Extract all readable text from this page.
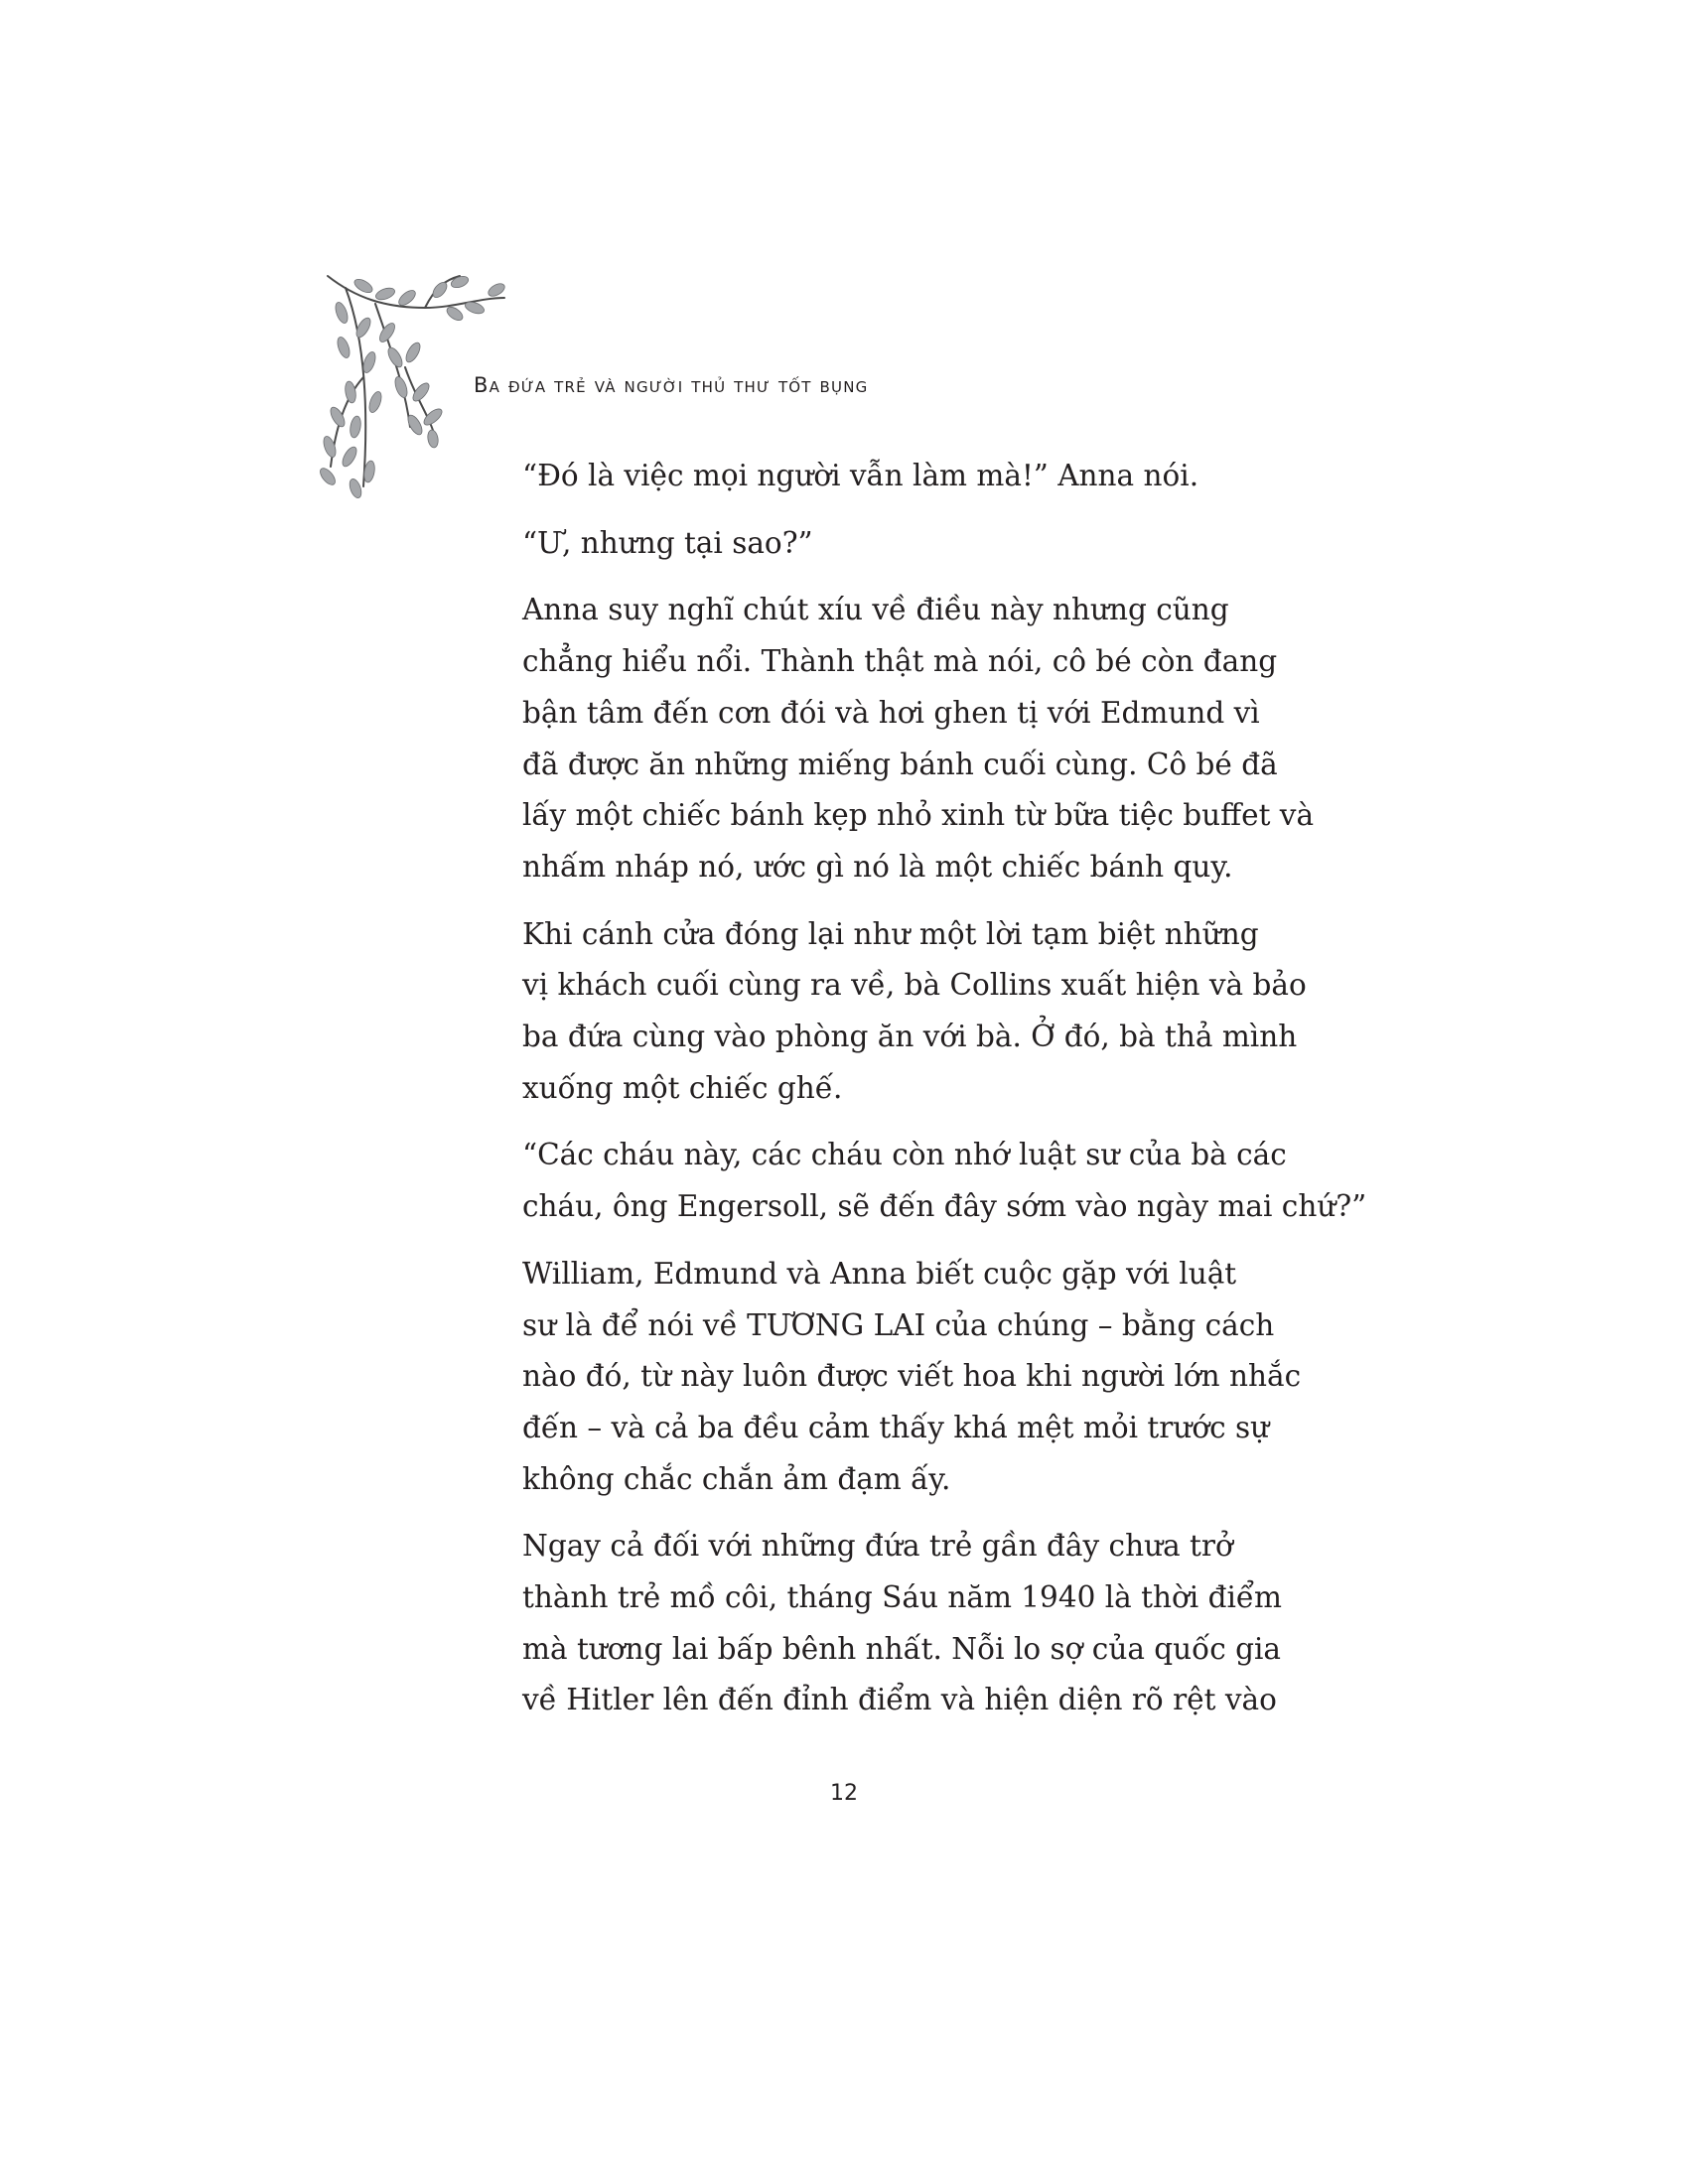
Ba đứa trẻ và người thủ thư tốt bụng

“Đó là việc mọi người vẫn làm mà!” Anna nói.

“Ư, nhưng tại sao?”

Anna suy nghĩ chút xíu về điều này nhưng cũng
chẳng hiểu nổi. Thành thật mà nói, cô bé còn đang
bận tâm đến cơn đói và hơi ghen tị với Edmund vì
đã được ăn những miếng bánh cuối cùng. Cô bé đã
lấy một chiếc bánh kẹp nhỏ xinh từ bữa tiệc buffet và
nhấm nháp nó, ước gì nó là một chiếc bánh quy.

Khi cánh cửa đóng lại như một lời tạm biệt những
vị khách cuối cùng ra về, bà Collins xuất hiện và bảo
ba đứa cùng vào phòng ăn với bà. Ở đó, bà thả mình
xuống một chiếc ghế.

“Các cháu này, các cháu còn nhớ luật sư của bà các
cháu, ông Engersoll, sẽ đến đây sớm vào ngày mai chứ?”

William, Edmund và Anna biết cuộc gặp với luật
sư là để nói về TƯƠNG LAI của chúng – bằng cách
nào đó, từ này luôn được viết hoa khi người lớn nhắc
đến – và cả ba đều cảm thấy khá mệt mỏi trước sự
không chắc chắn ảm đạm ấy.

Ngay cả đối với những đứa trẻ gần đây chưa trở
thành trẻ mồ côi, tháng Sáu năm 1940 là thời điểm
mà tương lai bấp bênh nhất. Nỗi lo sợ của quốc gia
về Hitler lên đến đỉnh điểm và hiện diện rõ rệt vào

12
